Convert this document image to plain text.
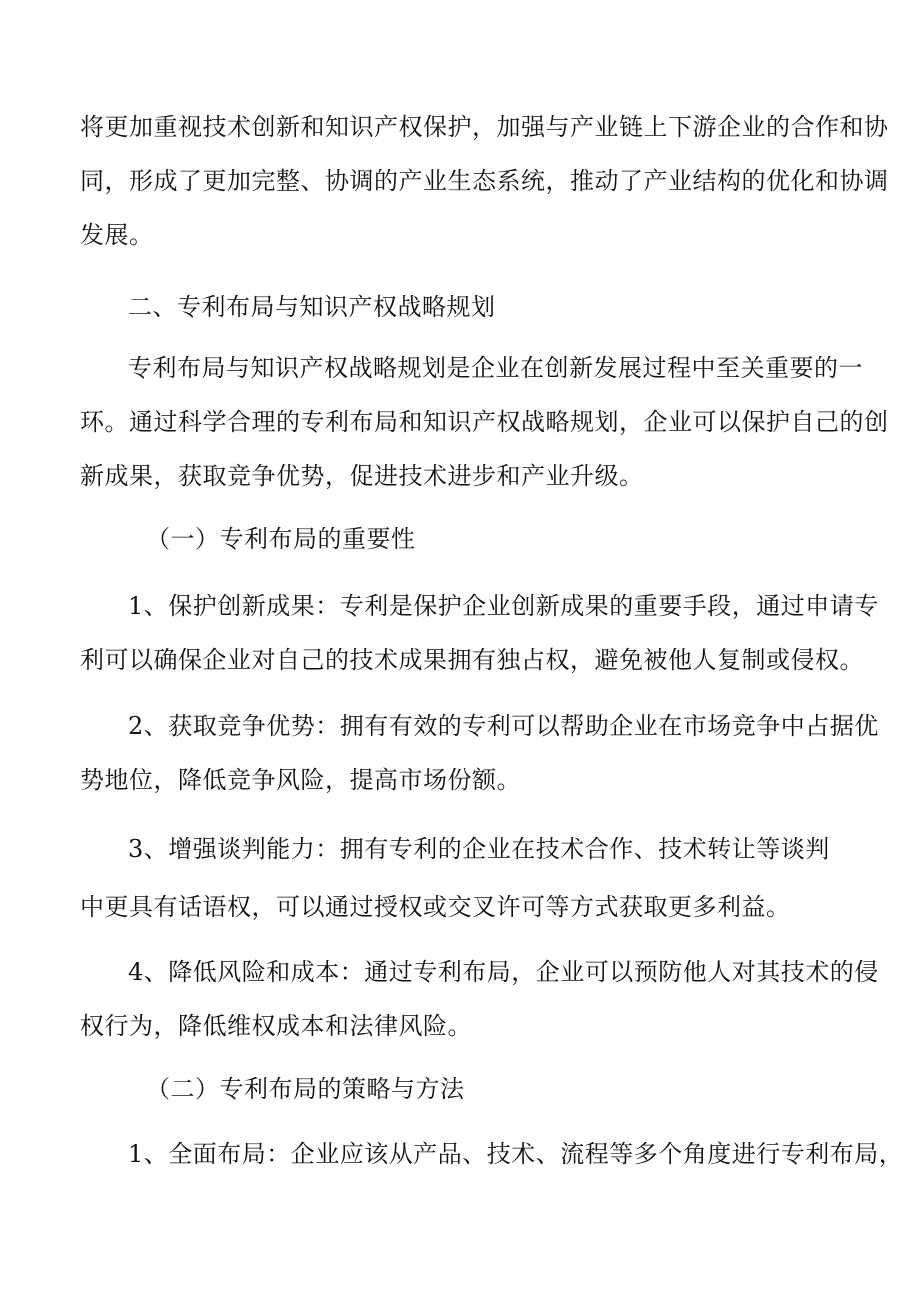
将更加重视技术创新和知识产权保护，加强与产业链上下游企业的合作和协
同，形成了更加完整、协调的产业生态系统，推动了产业结构的优化和协调
发展。
二、专利布局与知识产权战略规划
专利布局与知识产权战略规划是企业在创新发展过程中至关重要的一
环。通过科学合理的专利布局和知识产权战略规划，企业可以保护自己的创
新成果，获取竞争优势，促进技术进步和产业升级。
（一）专利布局的重要性
1、保护创新成果：专利是保护企业创新成果的重要手段，通过申请专
利可以确保企业对自己的技术成果拥有独占权，避免被他人复制或侵权。
2、获取竞争优势：拥有有效的专利可以帮助企业在市场竞争中占据优
势地位，降低竞争风险，提高市场份额。
3、增强谈判能力：拥有专利的企业在技术合作、技术转让等谈判
中更具有话语权，可以通过授权或交叉许可等方式获取更多利益。
4、降低风险和成本：通过专利布局，企业可以预防他人对其技术的侵
权行为，降低维权成本和法律风险。
（二）专利布局的策略与方法
1、全面布局：企业应该从产品、技术、流程等多个角度进行专利布局，
